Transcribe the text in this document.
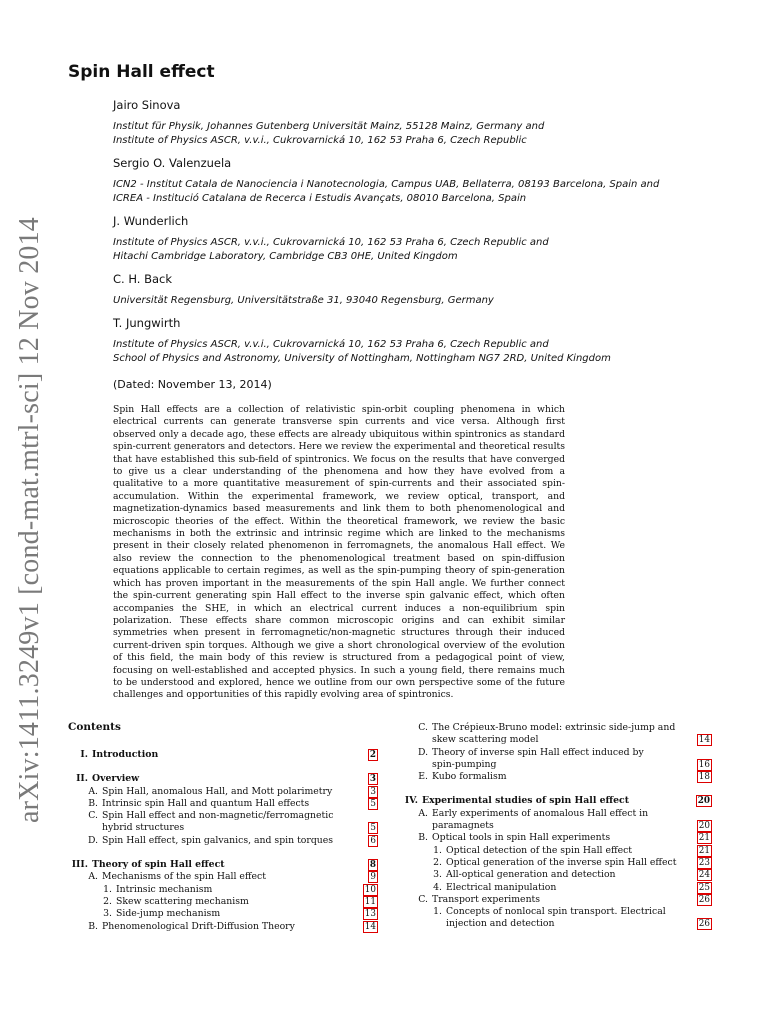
arXiv:1411.3249v1 [cond-mat.mtrl-sci] 12 Nov 2014
Spin Hall effect
Jairo Sinova
Institut für Physik, Johannes Gutenberg Universität Mainz, 55128 Mainz, Germany and
Institute of Physics ASCR, v.v.i., Cukrovarnická 10, 162 53 Praha 6, Czech Republic
Sergio O. Valenzuela
ICN2 - Institut Catala de Nanociencia i Nanotecnologia, Campus UAB, Bellaterra, 08193 Barcelona, Spain and
ICREA - Institució Catalana de Recerca i Estudis Avançats, 08010 Barcelona, Spain
J. Wunderlich
Institute of Physics ASCR, v.v.i., Cukrovarnická 10, 162 53 Praha 6, Czech Republic and
Hitachi Cambridge Laboratory, Cambridge CB3 0HE, United Kingdom
C. H. Back
Universität Regensburg, Universitätstraße 31, 93040 Regensburg, Germany
T. Jungwirth
Institute of Physics ASCR, v.v.i., Cukrovarnická 10, 162 53 Praha 6, Czech Republic and
School of Physics and Astronomy, University of Nottingham, Nottingham NG7 2RD, United Kingdom
(Dated: November 13, 2014)
Spin Hall effects are a collection of relativistic spin-orbit coupling phenomena in which electrical currents can generate transverse spin currents and vice versa. Although first observed only a decade ago, these effects are already ubiquitous within spintronics as standard spin-current generators and detectors. Here we review the experimental and theoretical results that have established this sub-field of spintronics. We focus on the results that have converged to give us a clear understanding of the phenomena and how they have evolved from a qualitative to a more quantitative measurement of spin-currents and their associated spin-accumulation. Within the experimental framework, we review optical, transport, and magnetization-dynamics based measurements and link them to both phenomenological and microscopic theories of the effect. Within the theoretical framework, we review the basic mechanisms in both the extrinsic and intrinsic regime which are linked to the mechanisms present in their closely related phenomenon in ferromagnets, the anomalous Hall effect. We also review the connection to the phenomenological treatment based on spin-diffusion equations applicable to certain regimes, as well as the spin-pumping theory of spin-generation which has proven important in the measurements of the spin Hall angle. We further connect the spin-current generating spin Hall effect to the inverse spin galvanic effect, which often accompanies the SHE, in which an electrical current induces a non-equilibrium spin polarization. These effects share common microscopic origins and can exhibit similar symmetries when present in ferromagnetic/non-magnetic structures through their induced current-driven spin torques. Although we give a short chronological overview of the evolution of this field, the main body of this review is structured from a pedagogical point of view, focusing on well-established and accepted physics. In such a young field, there remains much to be understood and explored, hence we outline from our own perspective some of the future challenges and opportunities of this rapidly evolving area of spintronics.
Contents
I. Introduction	2
II. Overview	3
A. Spin Hall, anomalous Hall, and Mott polarimetry	3
B. Intrinsic spin Hall and quantum Hall effects	5
C. Spin Hall effect and non-magnetic/ferromagnetic
hybrid structures	5
D. Spin Hall effect, spin galvanics, and spin torques	6
III. Theory of spin Hall effect	8
A. Mechanisms of the spin Hall effect	9
1. Intrinsic mechanism	10
2. Skew scattering mechanism	11
3. Side-jump mechanism	13
B. Phenomenological Drift-Diffusion Theory	14
C. The Crépieux-Bruno model: extrinsic side-jump and
skew scattering model	14
D. Theory of inverse spin Hall effect induced by
spin-pumping	16
E. Kubo formalism	18
IV. Experimental studies of spin Hall effect	20
A. Early experiments of anomalous Hall effect in
paramagnets	20
B. Optical tools in spin Hall experiments	21
1. Optical detection of the spin Hall effect	21
2. Optical generation of the inverse spin Hall effect	23
3. All-optical generation and detection	24
4. Electrical manipulation	25
C. Transport experiments	26
1. Concepts of nonlocal spin transport. Electrical
injection and detection	26
